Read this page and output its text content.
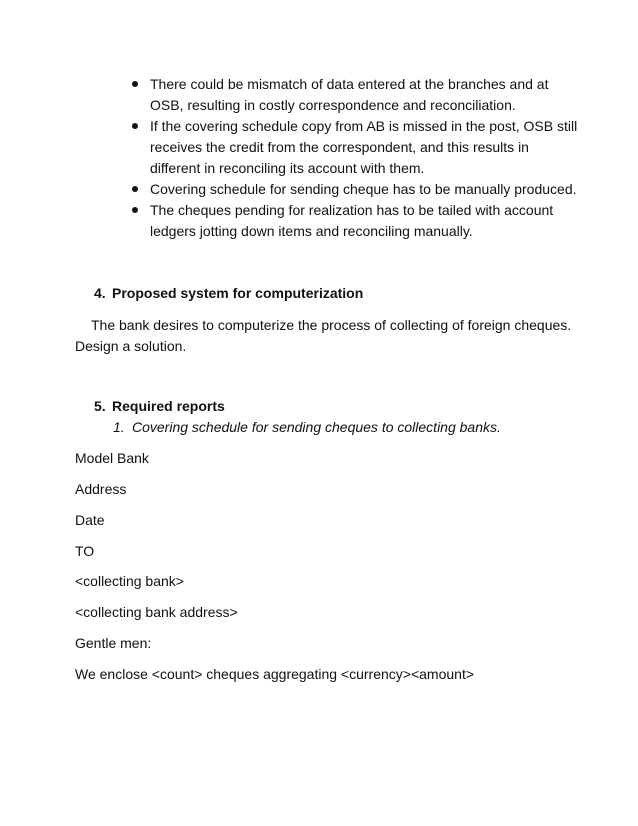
There could be mismatch of data entered at the branches and at OSB, resulting in costly correspondence and reconciliation.
If the covering schedule copy from AB is missed in the post, OSB still receives the credit from the correspondent, and this results in different in reconciling its account with them.
Covering schedule for sending cheque has to be manually produced.
The cheques pending for realization has to be tailed with account ledgers jotting down items and reconciling manually.
4. Proposed system for computerization
The bank desires to computerize the process of collecting of foreign cheques. Design a solution.
5. Required reports
1. Covering schedule for sending cheques to collecting banks.
Model Bank
Address
Date
TO
<collecting bank>
<collecting bank address>
Gentle men:
We enclose <count> cheques aggregating <currency><amount>
